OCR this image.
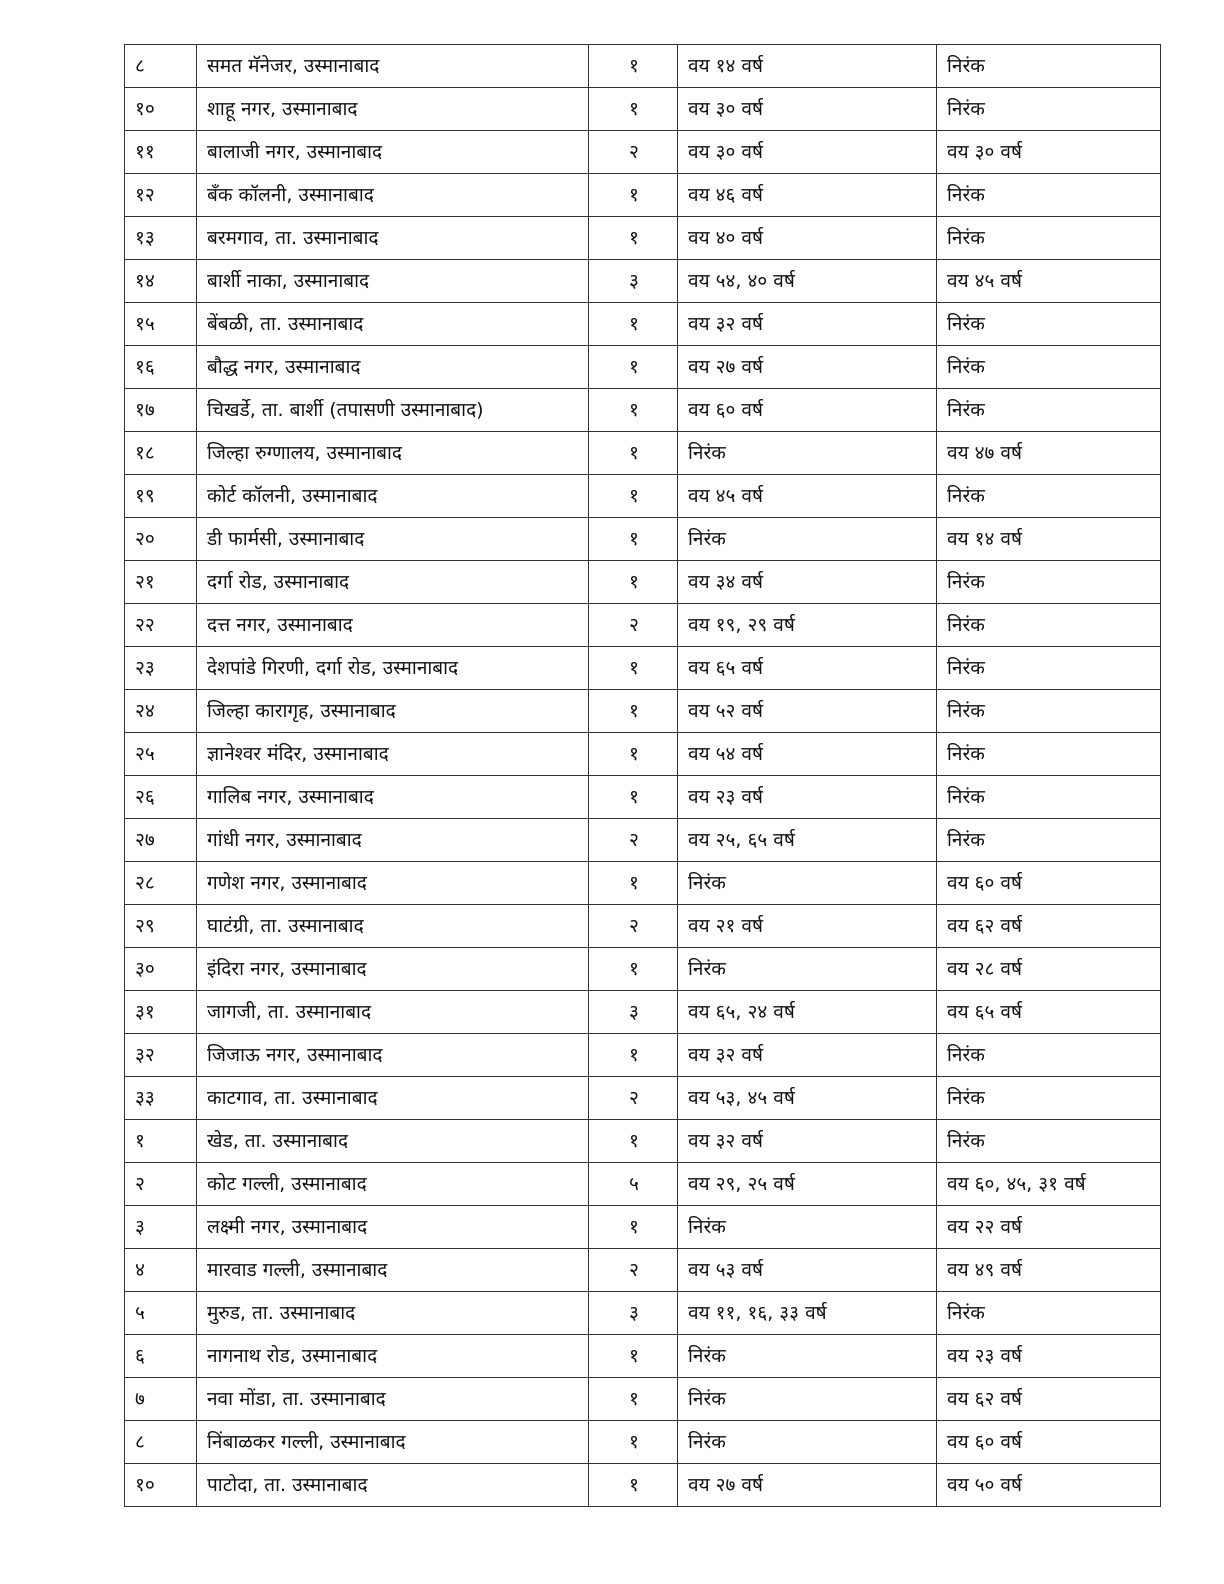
८	समत मॅनेजर, उस्मानाबाद	१	वय १४ वर्ष	निरंक
१०	शाहू नगर, उस्मानाबाद	१	वय ३० वर्ष	निरंक
११	बालाजी नगर, उस्मानाबाद	२	वय ३० वर्ष	वय ३० वर्ष
१२	बँक कॉलनी, उस्मानाबाद	१	वय ४६ वर्ष	निरंक
१३	बरमगाव, ता. उस्मानाबाद	१	वय ४० वर्ष	निरंक
१४	बार्शी नाका, उस्मानाबाद	३	वय ५४, ४० वर्ष	वय ४५ वर्ष
१५	बेंबळी, ता. उस्मानाबाद	१	वय ३२ वर्ष	निरंक
१६	बौद्ध नगर, उस्मानाबाद	१	वय २७ वर्ष	निरंक
१७	चिखर्डे, ता. बार्शी (तपासणी उस्मानाबाद)	१	वय ६० वर्ष	निरंक
१८	जिल्हा रुग्णालय, उस्मानाबाद	१	निरंक	वय ४७ वर्ष
१९	कोर्ट कॉलनी, उस्मानाबाद	१	वय ४५ वर्ष	निरंक
२०	डी फार्मसी, उस्मानाबाद	१	निरंक	वय १४ वर्ष
२१	दर्गा रोड, उस्मानाबाद	१	वय ३४ वर्ष	निरंक
२२	दत्त नगर, उस्मानाबाद	२	वय १९, २९ वर्ष	निरंक
२३	देशपांडे गिरणी, दर्गा रोड, उस्मानाबाद	१	वय ६५ वर्ष	निरंक
२४	जिल्हा कारागृह, उस्मानाबाद	१	वय ५२ वर्ष	निरंक
२५	ज्ञानेश्वर मंदिर, उस्मानाबाद	१	वय ५४ वर्ष	निरंक
२६	गालिब नगर, उस्मानाबाद	१	वय २३ वर्ष	निरंक
२७	गांधी नगर, उस्मानाबाद	२	वय २५, ६५ वर्ष	निरंक
२८	गणेश नगर, उस्मानाबाद	१	निरंक	वय ६० वर्ष
२९	घाटंग्री, ता. उस्मानाबाद	२	वय २१ वर्ष	वय ६२ वर्ष
३०	इंदिरा नगर, उस्मानाबाद	१	निरंक	वय २८ वर्ष
३१	जागजी, ता. उस्मानाबाद	३	वय ६५, २४ वर्ष	वय ६५ वर्ष
३२	जिजाऊ नगर, उस्मानाबाद	१	वय ३२ वर्ष	निरंक
३३	काटगाव, ता. उस्मानाबाद	२	वय ५३, ४५ वर्ष	निरंक
१	खेड, ता. उस्मानाबाद	१	वय ३२ वर्ष	निरंक
२	कोट गल्ली, उस्मानाबाद	५	वय २९, २५ वर्ष	वय ६०, ४५, ३१ वर्ष
३	लक्ष्मी नगर, उस्मानाबाद	१	निरंक	वय २२ वर्ष
४	मारवाड गल्ली, उस्मानाबाद	२	वय ५३ वर्ष	वय ४९ वर्ष
५	मुरुड, ता. उस्मानाबाद	३	वय ११, १६, ३३ वर्ष	निरंक
६	नागनाथ रोड, उस्मानाबाद	१	निरंक	वय २३ वर्ष
७	नवा मोंडा, ता. उस्मानाबाद	१	निरंक	वय ६२ वर्ष
८	निंबाळकर गल्ली, उस्मानाबाद	१	निरंक	वय ६० वर्ष
१०	पाटोदा, ता. उस्मानाबाद	१	वय २७ वर्ष	वय ५० वर्ष
